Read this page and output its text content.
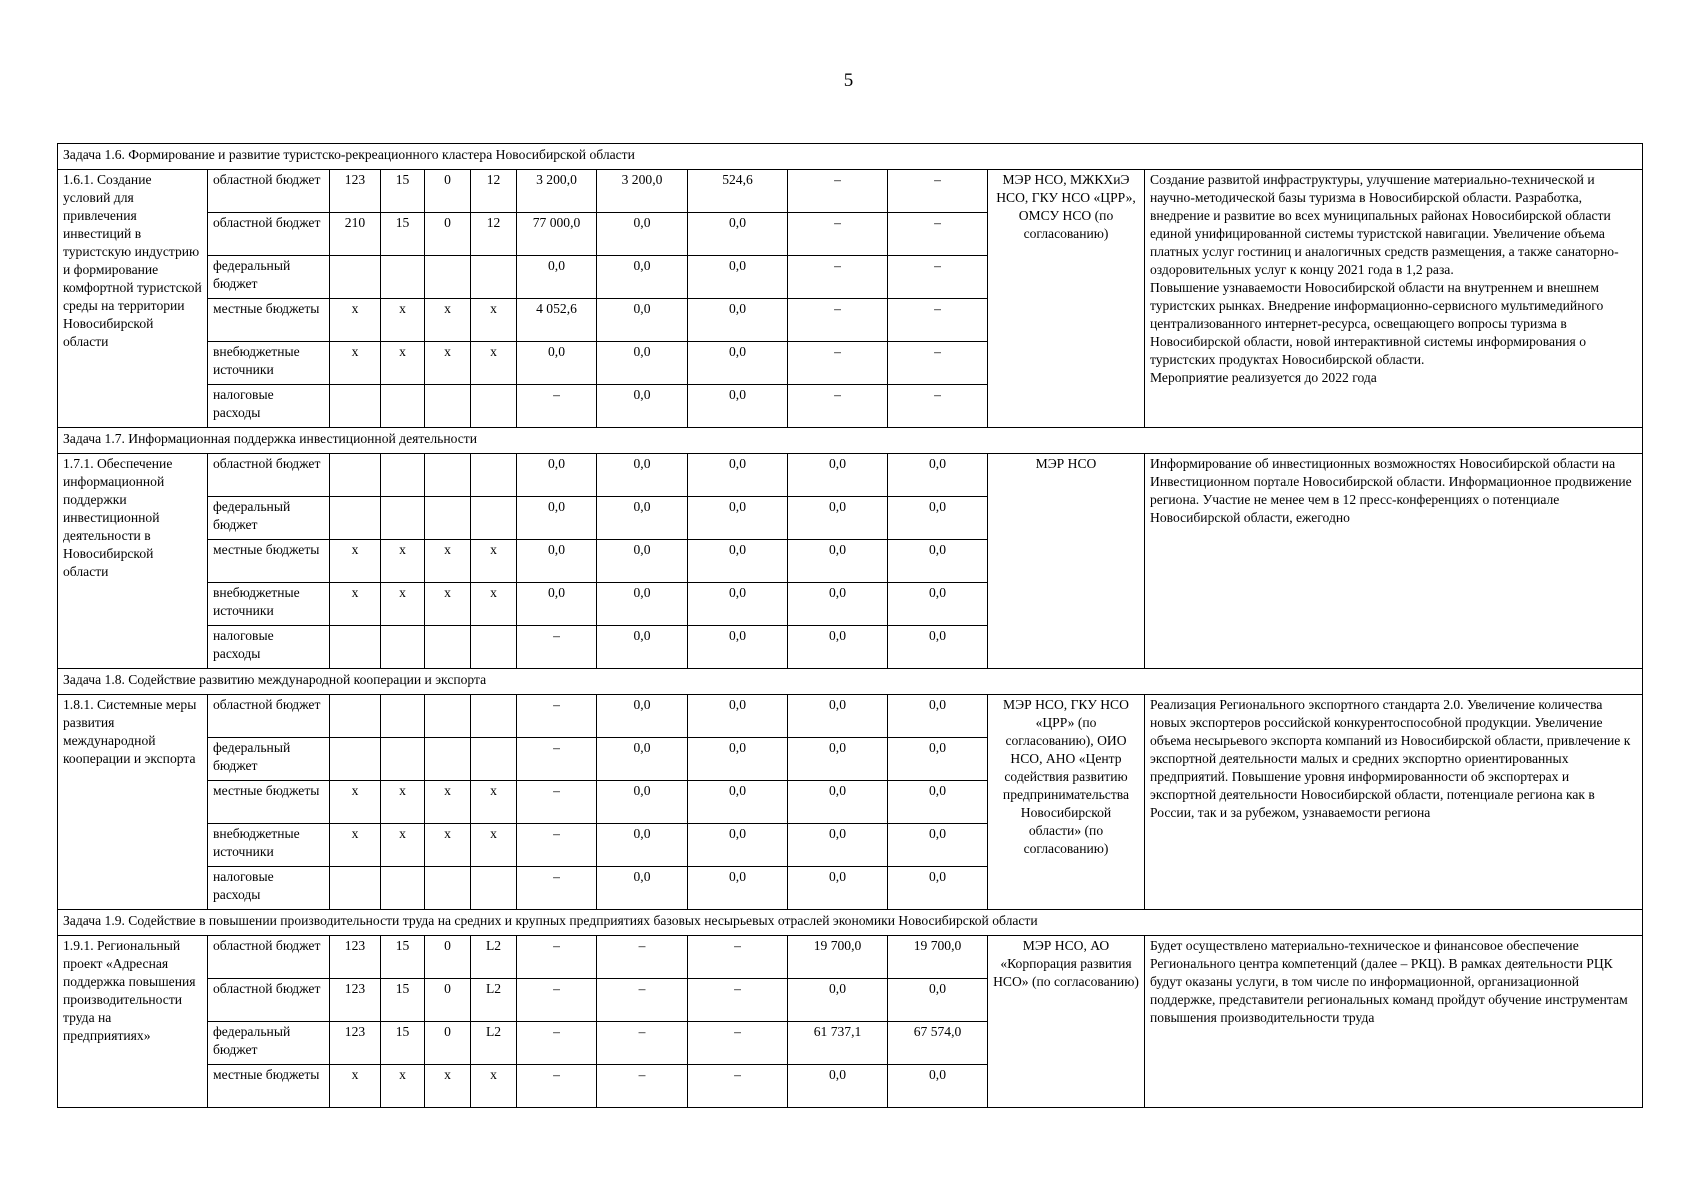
5
Задача 1.6. Формирование и развитие туристско-рекреационного кластера Новосибирской области												
1.6.1. Создание условий для привлечения инвестиций в туристскую индустрию и формирование комфортной туристской среды на территории Новосибирской области	областной бюджет	123	15	0	12	3 200,0	3 200,0	524,6	–	–	МЭР НСО, МЖКХиЭ НСО, ГКУ НСО «ЦРР», ОМСУ НСО (по согласованию)	Создание развитой инфраструктуры, улучшение материально-технической и научно-методической базы туризма в Новосибирской области. Разработка, внедрение и развитие во всех муниципальных районах Новосибирской области единой унифицированной системы туристской навигации. Увеличение объема платных услуг гостиниц и аналогичных средств размещения, а также санаторно-оздоровительных услуг к концу 2021 года в 1,2 раза.
Повышение узнаваемости Новосибирской области на внутреннем и внешнем туристских рынках. Внедрение информационно-сервисного мультимедийного централизованного интернет-ресурса, освещающего вопросы туризма в Новосибирской области, новой интерактивной системы информирования о туристских продуктах Новосибирской области.
Мероприятие реализуется до 2022 года
	областной бюджет	210	15	0	12	77 000,0	0,0	0,0	–	–		
	федеральный бюджет					0,0	0,0	0,0	–	–		
	местные бюджеты	х	х	х	х	4 052,6	0,0	0,0	–	–		
	внебюджетные источники	х	х	х	х	0,0	0,0	0,0	–	–		
	налоговые расходы					–	0,0	0,0	–	–		
Задача 1.7. Информационная поддержка инвестиционной деятельности												
1.7.1. Обеспечение информационной поддержки инвестиционной деятельности в Новосибирской области	областной бюджет					0,0	0,0	0,0	0,0	0,0	МЭР НСО	Информирование об инвестиционных возможностях Новосибирской области на Инвестиционном портале Новосибирской области. Информационное продвижение региона. Участие не менее чем в 12 пресс-конференциях о потенциале Новосибирской области, ежегодно
	федеральный бюджет					0,0	0,0	0,0	0,0	0,0		
	местные бюджеты	х	х	х	х	0,0	0,0	0,0	0,0	0,0		
	внебюджетные источники	х	х	х	х	0,0	0,0	0,0	0,0	0,0		
	налоговые расходы					–	0,0	0,0	0,0	0,0		
Задача 1.8. Содействие развитию международной кооперации и экспорта												
1.8.1. Системные меры развития международной кооперации и экспорта	областной бюджет					–	0,0	0,0	0,0	0,0	МЭР НСО, ГКУ НСО «ЦРР» (по согласованию), ОИО НСО, АНО «Центр содействия развитию предпринимательства Новосибирской области» (по согласованию)	Реализация Регионального экспортного стандарта 2.0. Увеличение количества новых экспортеров российской конкурентоспособной продукции. Увеличение объема несырьевого экспорта компаний из Новосибирской области, привлечение к экспортной деятельности малых и средних экспортно ориентированных предприятий. Повышение уровня информированности об экспортерах и экспортной деятельности Новосибирской области, потенциале региона как в России, так и за рубежом, узнаваемости региона
	федеральный бюджет					–	0,0	0,0	0,0	0,0		
	местные бюджеты	х	х	х	х	–	0,0	0,0	0,0	0,0		
	внебюджетные источники	х	х	х	х	–	0,0	0,0	0,0	0,0		
	налоговые расходы					–	0,0	0,0	0,0	0,0		
Задача 1.9. Содействие в повышении производительности труда на средних и крупных предприятиях базовых несырьевых отраслей экономики Новосибирской области												
1.9.1. Региональный проект «Адресная поддержка повышения производительности труда на предприятиях»	областной бюджет	123	15	0	L2	–	–	–	19 700,0	19 700,0	МЭР НСО, АО «Корпорация развития НСО» (по согласованию)	Будет осуществлено материально-техническое и финансовое обеспечение Регионального центра компетенций (далее – РКЦ). В рамках деятельности РЦК будут оказаны услуги, в том числе по информационной, организационной поддержке, представители региональных команд пройдут обучение инструментам повышения производительности труда
	областной бюджет	123	15	0	L2	–	–	–	0,0	0,0		
	федеральный бюджет	123	15	0	L2	–	–	–	61 737,1	67 574,0		
	местные бюджеты	х	х	х	х	–	–	–	0,0	0,0		
